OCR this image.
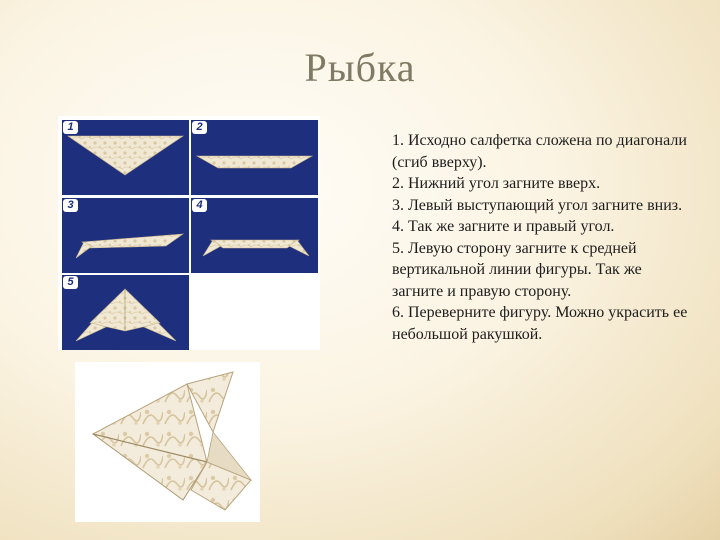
Рыбка
1	2
3	4
5

1. Исходно салфетка сложена по диагонали (сгиб вверху).

2. Нижний угол загните вверх.

3. Левый выступающий угол загните вниз.

4. Так же загните и правый угол.

5. Левую сторону загните к средней вертикальной линии фигуры. Так же загните и правую сторону.

6. Переверните фигуру. Можно украсить ее небольшой ракушкой.
